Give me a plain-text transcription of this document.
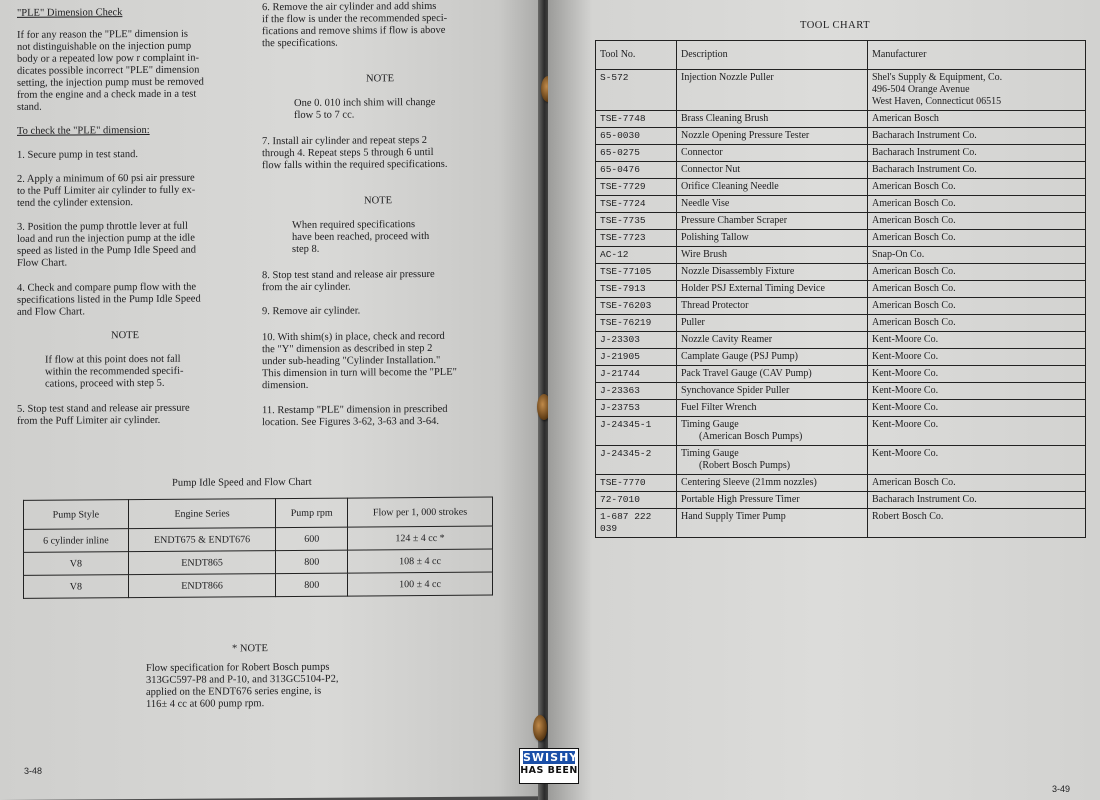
"PLE" Dimension Check

If for any reason the "PLE" dimension is

not distinguishable on the injection pump

body or a repeated low pow r complaint in-

dicates possible incorrect "PLE" dimension

setting, the injection pump must be removed

from the engine and a check made in a test

stand.

To check the "PLE" dimension:

1. Secure pump in test stand.

2. Apply a minimum of 60 psi air pressure

to the Puff Limiter air cylinder to fully ex-

tend the cylinder extension.

3. Position the pump throttle lever at full

load and run the injection pump at the idle

speed as listed in the Pump Idle Speed and

Flow Chart.

4. Check and compare pump flow with the

specifications listed in the Pump Idle Speed

and Flow Chart.

NOTE

If flow at this point does not fall

within the recommended specifi-

cations, proceed with step 5.

5. Stop test stand and release air pressure

from the Puff Limiter air cylinder.

6. Remove the air cylinder and add shims

if the flow is under the recommended speci-

fications and remove shims if flow is above

the specifications.

NOTE

One 0. 010 inch shim will change

flow 5 to 7 cc.

7. Install air cylinder and repeat steps 2

through 4. Repeat steps 5 through 6 until

flow falls within the required specifications.

NOTE

When required specifications

have been reached, proceed with

step 8.

8. Stop test stand and release air pressure

from the air cylinder.

9. Remove air cylinder.

10. With shim(s) in place, check and record

the "Y" dimension as described in step 2

under sub-heading "Cylinder Installation."

This dimension in turn will become the "PLE"

dimension.

11. Restamp "PLE" dimension in prescribed

location. See Figures 3-62, 3-63 and 3-64.

Pump Idle Speed and Flow Chart
Pump Style	Engine Series	Pump rpm	Flow per 1, 000 strokes
6 cylinder inline	ENDT675 & ENDT676	600	124 ± 4 cc *
V8	ENDT865	800	108 ± 4 cc
V8	ENDT866	800	100 ± 4 cc
* NOTE

Flow specification for Robert Bosch pumps

313GC597-P8 and P-10, and 313GC5104-P2,

applied on the ENDT676 series engine, is

116± 4 cc at 600 pump rpm.

3-48
TOOL CHART
Tool No.	Description	Manufacturer
S-572	Injection Nozzle Puller	Shel's Supply & Equipment, Co.
496-504 Orange Avenue
West Haven, Connecticut 06515

TSE-7748	Brass Cleaning Brush	American Bosch

65-0030	Nozzle Opening Pressure Tester	Bacharach Instrument Co.

65-0275	Connector	Bacharach Instrument Co.

65-0476	Connector Nut	Bacharach Instrument Co.

TSE-7729	Orifice Cleaning Needle	American Bosch Co.

TSE-7724	Needle Vise	American Bosch Co.

TSE-7735	Pressure Chamber Scraper	American Bosch Co.

TSE-7723	Polishing Tallow	American Bosch Co.

AC-12	Wire Brush	Snap-On Co.

TSE-77105	Nozzle Disassembly Fixture	American Bosch Co.

TSE-7913	Holder PSJ External Timing Device	American Bosch Co.

TSE-76203	Thread Protector	American Bosch Co.

TSE-76219	Puller	American Bosch Co.

J-23303	Nozzle Cavity Reamer	Kent-Moore Co.

J-21905	Camplate Gauge (PSJ Pump)	Kent-Moore Co.

J-21744	Pack Travel Gauge (CAV Pump)	Kent-Moore Co.

J-23363	Synchovance Spider Puller	Kent-Moore Co.

J-23753	Fuel Filter Wrench	Kent-Moore Co.

J-24345-1	Timing Gauge
(American Bosch Pumps)	Kent-Moore Co.

J-24345-2	Timing Gauge
(Robert Bosch Pumps)	Kent-Moore Co.

TSE-7770	Centering Sleeve (21mm nozzles)	American Bosch Co.

72-7010	Portable High Pressure Timer	Bacharach Instrument Co.

1-687 222 039	Hand Supply Timer Pump	Robert Bosch Co.
3-49
SWISHY
HAS BEEN
